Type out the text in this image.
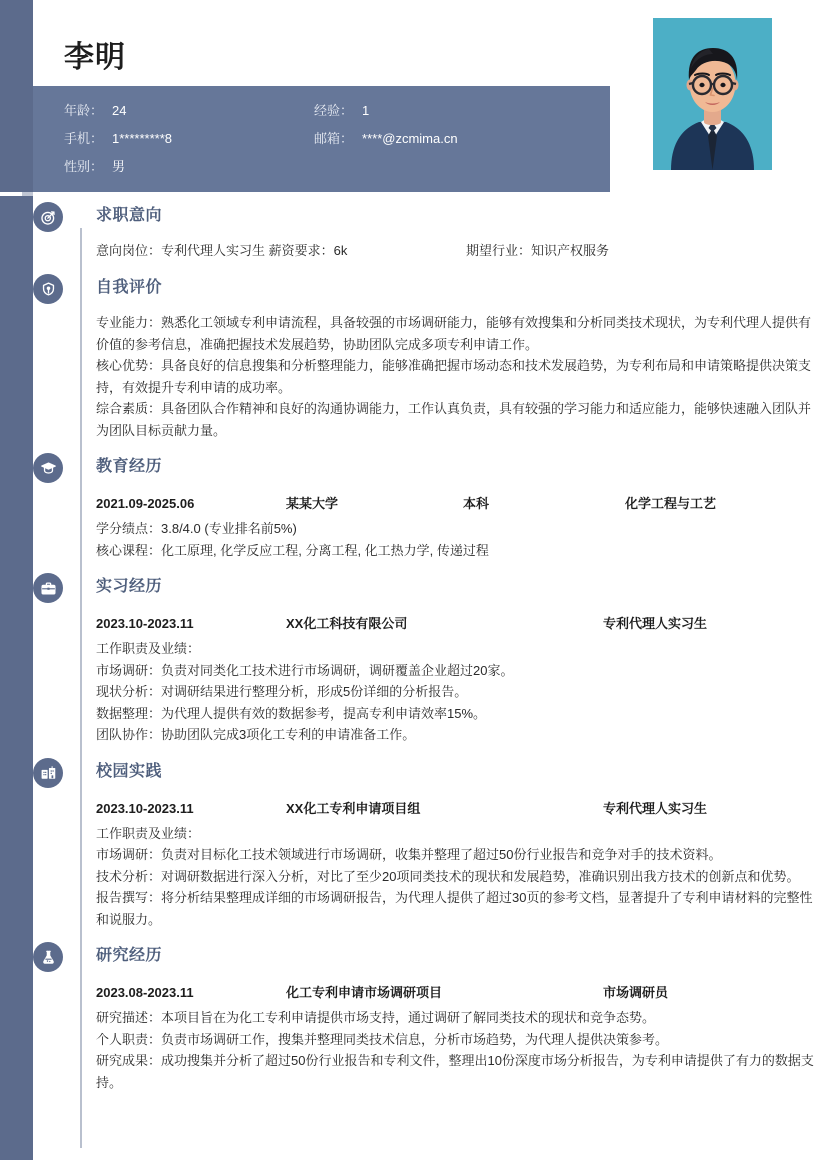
李明
年龄： 24	经验： 1
手机： 1*********8	邮箱： ****@zcmima.cn
性别： 男
求职意向
意向岗位：专利代理人实习生 薪资要求：6k	期望行业：知识产权服务
自我评价
专业能力：熟悉化工领域专利申请流程，具备较强的市场调研能力，能够有效搜集和分析同类技术现状，为专利代理人提供有价值的参考信息，准确把握技术发展趋势，协助团队完成多项专利申请工作。
核心优势：具备良好的信息搜集和分析整理能力，能够准确把握市场动态和技术发展趋势，为专利布局和申请策略提供决策支持，有效提升专利申请的成功率。
综合素质：具备团队合作精神和良好的沟通协调能力，工作认真负责，具有较强的学习能力和适应能力，能够快速融入团队并为团队目标贡献力量。
教育经历
2021.09-2025.06	某某大学	本科	化学工程与工艺
学分绩点：3.8/4.0 (专业排名前5%)
核心课程：化工原理, 化学反应工程, 分离工程, 化工热力学, 传递过程
实习经历
2023.10-2023.11	XX化工科技有限公司	专利代理人实习生
工作职责及业绩：
市场调研：负责对同类化工技术进行市场调研，调研覆盖企业超过20家。
现状分析：对调研结果进行整理分析，形成5份详细的分析报告。
数据整理：为代理人提供有效的数据参考，提高专利申请效率15%。
团队协作：协助团队完成3项化工专利的申请准备工作。
校园实践
2023.10-2023.11	XX化工专利申请项目组	专利代理人实习生
工作职责及业绩：
市场调研：负责对目标化工技术领域进行市场调研，收集并整理了超过50份行业报告和竞争对手的技术资料。
技术分析：对调研数据进行深入分析，对比了至少20项同类技术的现状和发展趋势，准确识别出我方技术的创新点和优势。
报告撰写：将分析结果整理成详细的市场调研报告，为代理人提供了超过30页的参考文档，显著提升了专利申请材料的完整性和说服力。
研究经历
2023.08-2023.11	化工专利申请市场调研项目	市场调研员
研究描述：本项目旨在为化工专利申请提供市场支持，通过调研了解同类技术的现状和竞争态势。
个人职责：负责市场调研工作，搜集并整理同类技术信息，分析市场趋势，为代理人提供决策参考。
研究成果：成功搜集并分析了超过50份行业报告和专利文件，整理出10份深度市场分析报告，为专利申请提供了有力的数据支持。
